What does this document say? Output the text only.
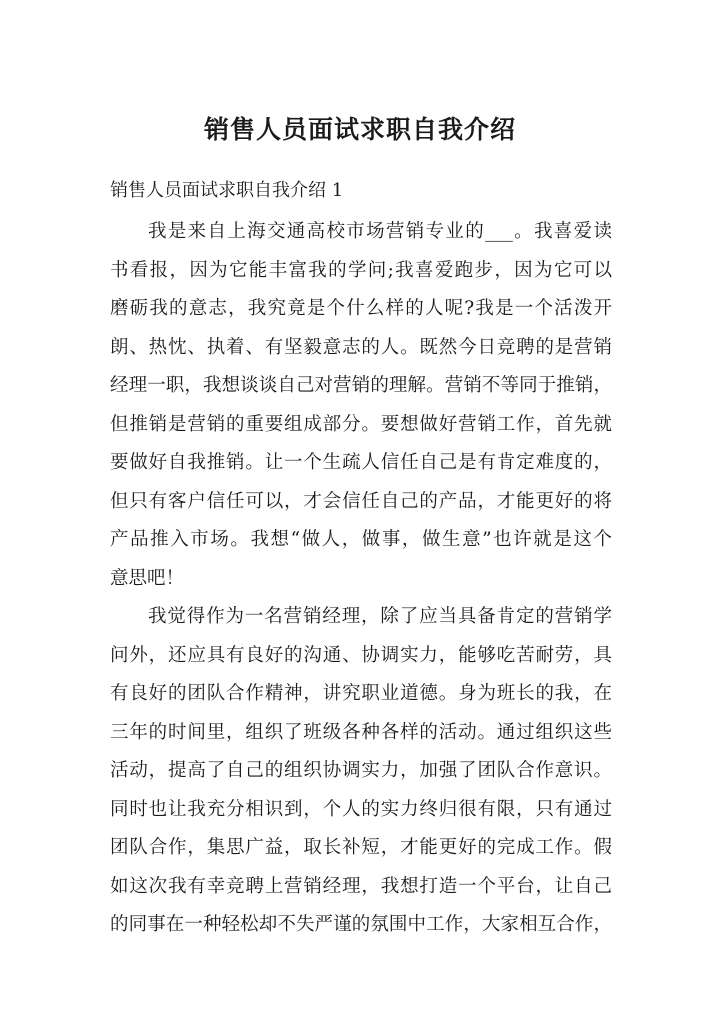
销售人员面试求职自我介绍

销售人员面试求职自我介绍 1

我是来自上海交通高校市场营销专业的___。我喜爱读

书看报，因为它能丰富我的学问;我喜爱跑步，因为它可以

磨砺我的意志，我究竟是个什么样的人呢?我是一个活泼开

朗、热忱、执着、有坚毅意志的人。既然今日竞聘的是营销

经理一职，我想谈谈自己对营销的理解。营销不等同于推销，

但推销是营销的重要组成部分。要想做好营销工作，首先就

要做好自我推销。让一个生疏人信任自己是有肯定难度的，

但只有客户信任可以，才会信任自己的产品，才能更好的将

产品推入市场。我想“做人，做事，做生意”也许就是这个

意思吧！

我觉得作为一名营销经理，除了应当具备肯定的营销学

问外，还应具有良好的沟通、协调实力，能够吃苦耐劳，具

有良好的团队合作精神，讲究职业道德。身为班长的我，在

三年的时间里，组织了班级各种各样的活动。通过组织这些

活动，提高了自己的组织协调实力，加强了团队合作意识。

同时也让我充分相识到，个人的实力终归很有限，只有通过

团队合作，集思广益，取长补短，才能更好的完成工作。假

如这次我有幸竞聘上营销经理，我想打造一个平台，让自己

的同事在一种轻松却不失严谨的氛围中工作，大家相互合作，
